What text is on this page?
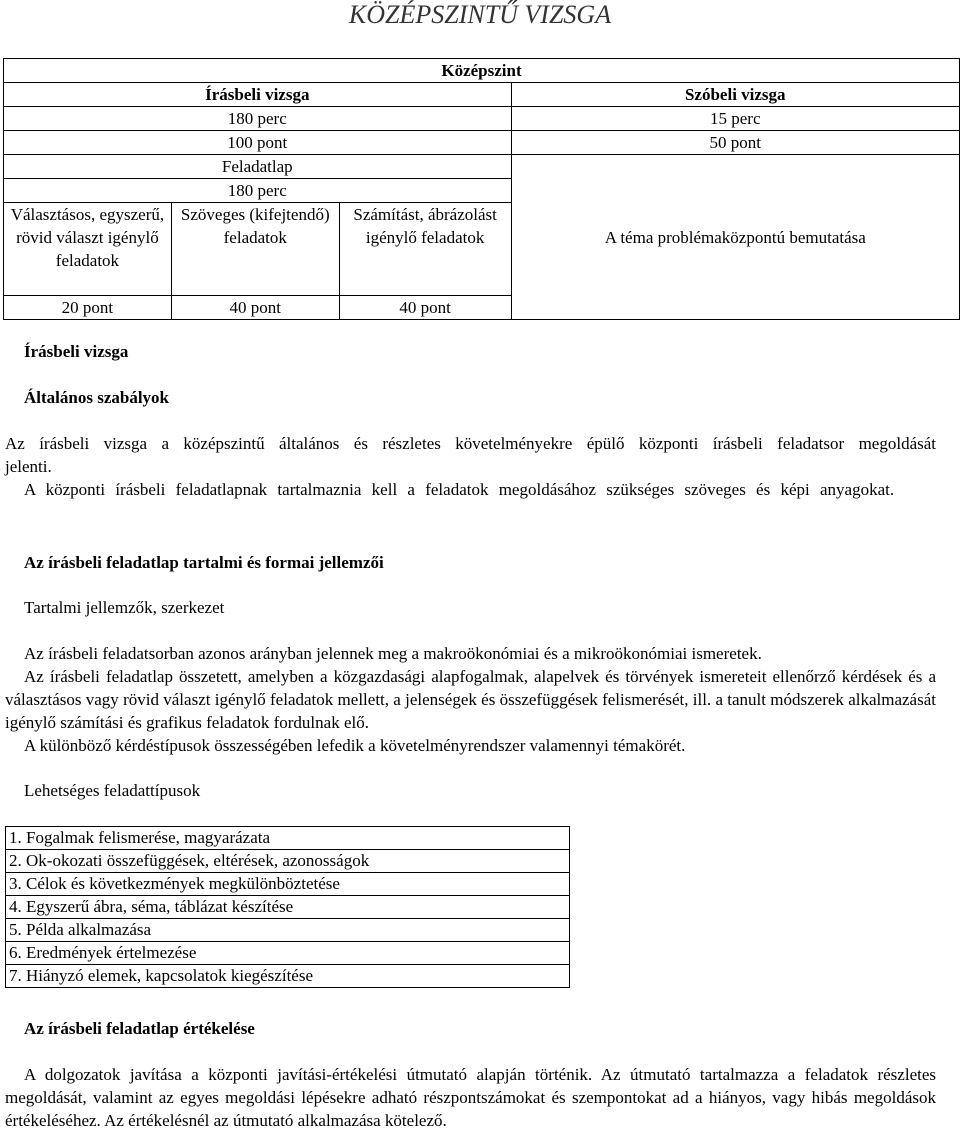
KÖZÉPSZINTŰ VIZSGA
Középszint			
Írásbeli vizsga			Szóbeli vizsga
180 perc			15 perc
100 pont			50 pont
Feladatlap			A téma problémaközpontú bemutatása
180 perc			
Választásos, egyszerű, rövid választ igénylő feladatok	Szöveges (kifejtendő) feladatok	Számítást, ábrázolást igénylő feladatok	
20 pont	40 pont	40 pont	
Írásbeli vizsga
Általános szabályok
Az írásbeli vizsga a középszintű általános és részletes követelményekre épülő központi írásbeli feladatsor megoldását jelenti.
A központi írásbeli feladatlapnak tartalmaznia kell a feladatok megoldásához szükséges szöveges és képi anyagokat.
Az írásbeli feladatlap tartalmi és formai jellemzői
Tartalmi jellemzők, szerkezet
Az írásbeli feladatsorban azonos arányban jelennek meg a makroökonómiai és a mikroökonómiai ismeretek.
Az írásbeli feladatlap összetett, amelyben a közgazdasági alapfogalmak, alapelvek és törvények ismereteit ellenőrző kérdések és a választásos vagy rövid választ igénylő feladatok mellett, a jelenségek és összefüggések felismerését, ill. a tanult módszerek alkalmazását igénylő számítási és grafikus feladatok fordulnak elő.
A különböző kérdéstípusok összességében lefedik a követelményrendszer valamennyi témakörét.
Lehetséges feladattípusok
1. Fogalmak felismerése, magyarázata
2. Ok-okozati összefüggések, eltérések, azonosságok
3. Célok és következmények megkülönböztetése
4. Egyszerű ábra, séma, táblázat készítése
5. Példa alkalmazása
6. Eredmények értelmezése
7. Hiányzó elemek, kapcsolatok kiegészítése
Az írásbeli feladatlap értékelése
A dolgozatok javítása a központi javítási-értékelési útmutató alapján történik. Az útmutató tartalmazza a feladatok részletes megoldását, valamint az egyes megoldási lépésekre adható részpontszámokat és szempontokat ad a hiányos, vagy hibás megoldások értékeléséhez. Az értékelésnél az útmutató alkalmazása kötelező.
